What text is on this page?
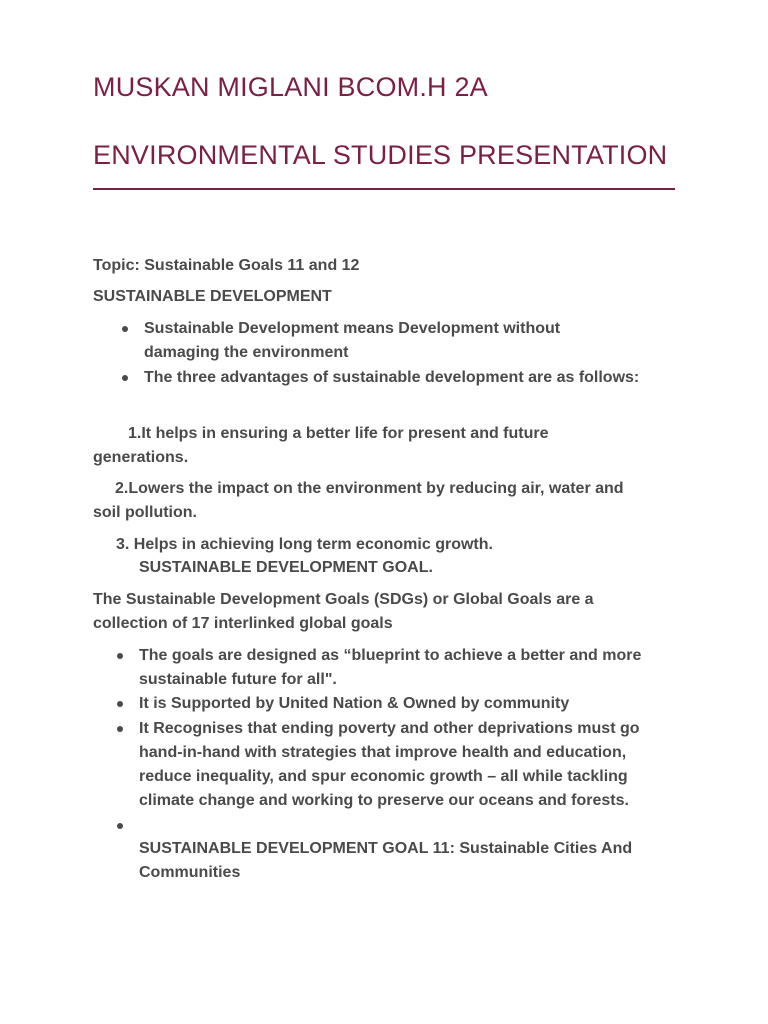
MUSKAN MIGLANI BCOM.H 2A
ENVIRONMENTAL STUDIES PRESENTATION
Topic: Sustainable Goals 11 and 12
SUSTAINABLE DEVELOPMENT
Sustainable Development means Development without
damaging the environment
The three advantages of sustainable development are as follows:
1.It helps in ensuring a better life for present and future
generations.
2.Lowers the impact on the environment by reducing air, water and
soil pollution.
3. Helps in achieving long term economic growth.
SUSTAINABLE DEVELOPMENT GOAL.
The Sustainable Development Goals (SDGs) or Global Goals are a
collection of 17 interlinked global goals
The goals are designed as “blueprint to achieve a better and more
sustainable future for all".
It is Supported by United Nation & Owned by community
It Recognises that ending poverty and other deprivations must go
hand-in-hand with strategies that improve health and education,
reduce inequality, and spur economic growth – all while tackling
climate change and working to preserve our oceans and forests.
SUSTAINABLE DEVELOPMENT GOAL 11: Sustainable Cities And
Communities
